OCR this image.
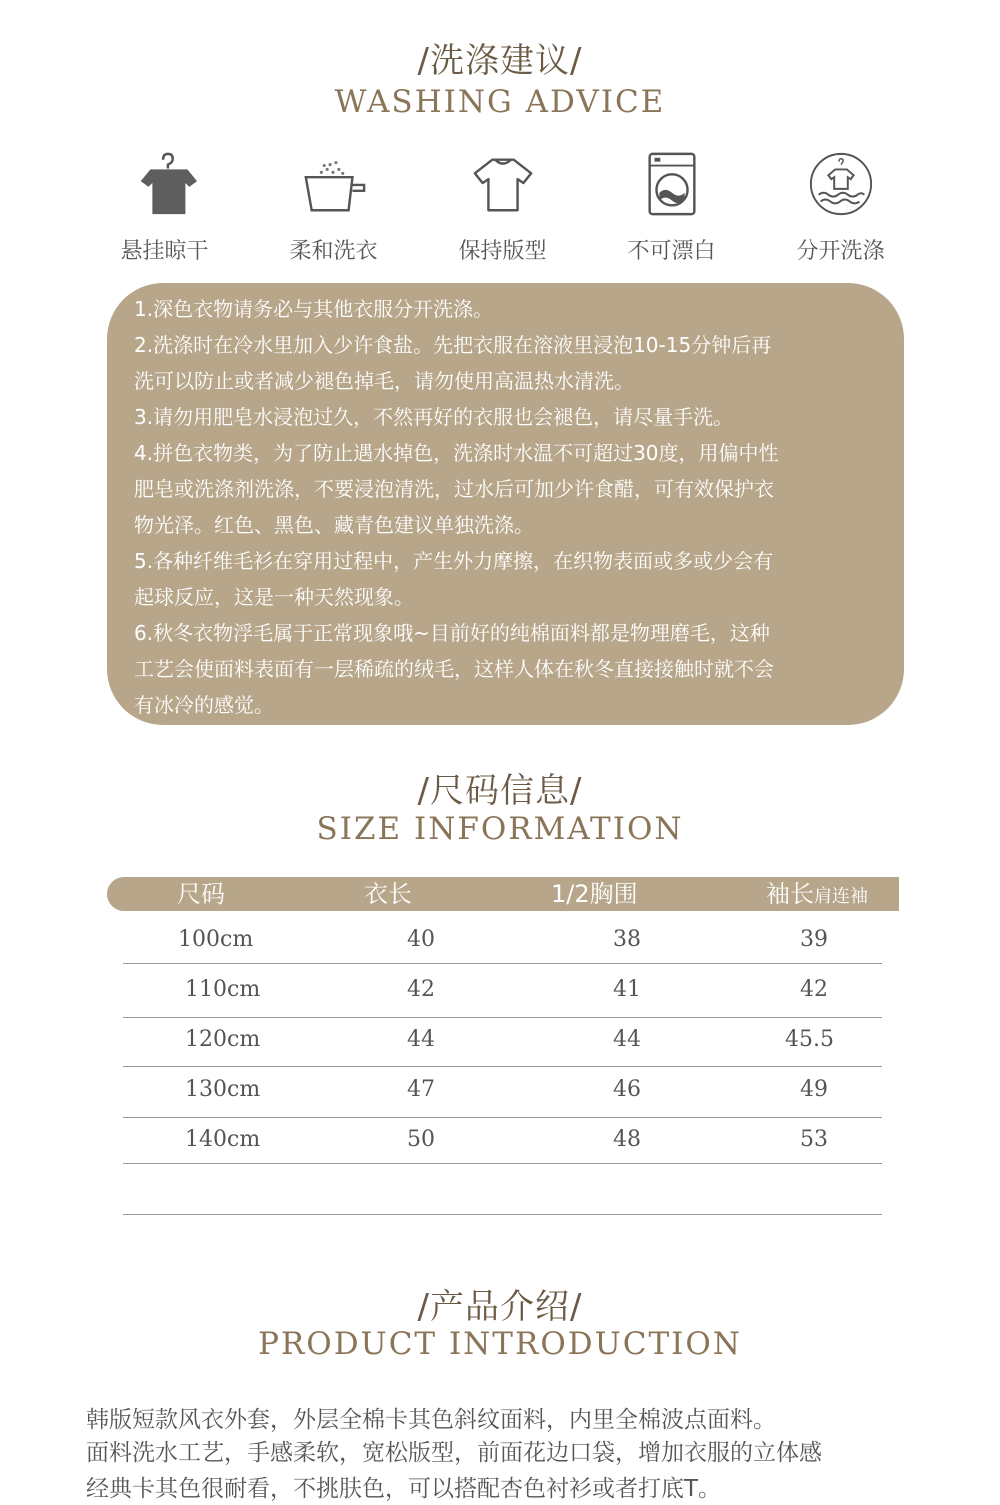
/洗涤建议/
WASHING ADVICE
悬挂晾干	柔和洗衣	保持版型	不可漂白	分开洗涤
1.深色衣物请务必与其他衣服分开洗涤。
2.洗涤时在冷水里加入少许食盐。先把衣服在溶液里浸泡10-15分钟后再
洗可以防止或者减少褪色掉毛，请勿使用高温热水清洗。
3.请勿用肥皂水浸泡过久，不然再好的衣服也会褪色，请尽量手洗。
4.拼色衣物类，为了防止遇水掉色，洗涤时水温不可超过30度，用偏中性
肥皂或洗涤剂洗涤，不要浸泡清洗，过水后可加少许食醋，可有效保护衣
物光泽。红色、黑色、藏青色建议单独洗涤。
5.各种纤维毛衫在穿用过程中，产生外力摩擦，在织物表面或多或少会有
起球反应，这是一种天然现象。
6.秋冬衣物浮毛属于正常现象哦~目前好的纯棉面料都是物理磨毛，这种
工艺会使面料表面有一层稀疏的绒毛，这样人体在秋冬直接接触时就不会
有冰冷的感觉。
/尺码信息/
SIZE INFORMATION
尺码	衣长	1/2胸围	袖长肩连袖
100cm	40	38	39
110cm	42	41	42
120cm	44	44	45.5
130cm	47	46	49
140cm	50	48	53
/产品介绍/
PRODUCT INTRODUCTION
韩版短款风衣外套，外层全棉卡其色斜纹面料，内里全棉波点面料。
面料洗水工艺，手感柔软，宽松版型，前面花边口袋，增加衣服的立体感
经典卡其色很耐看，不挑肤色，可以搭配杏色衬衫或者打底T。
